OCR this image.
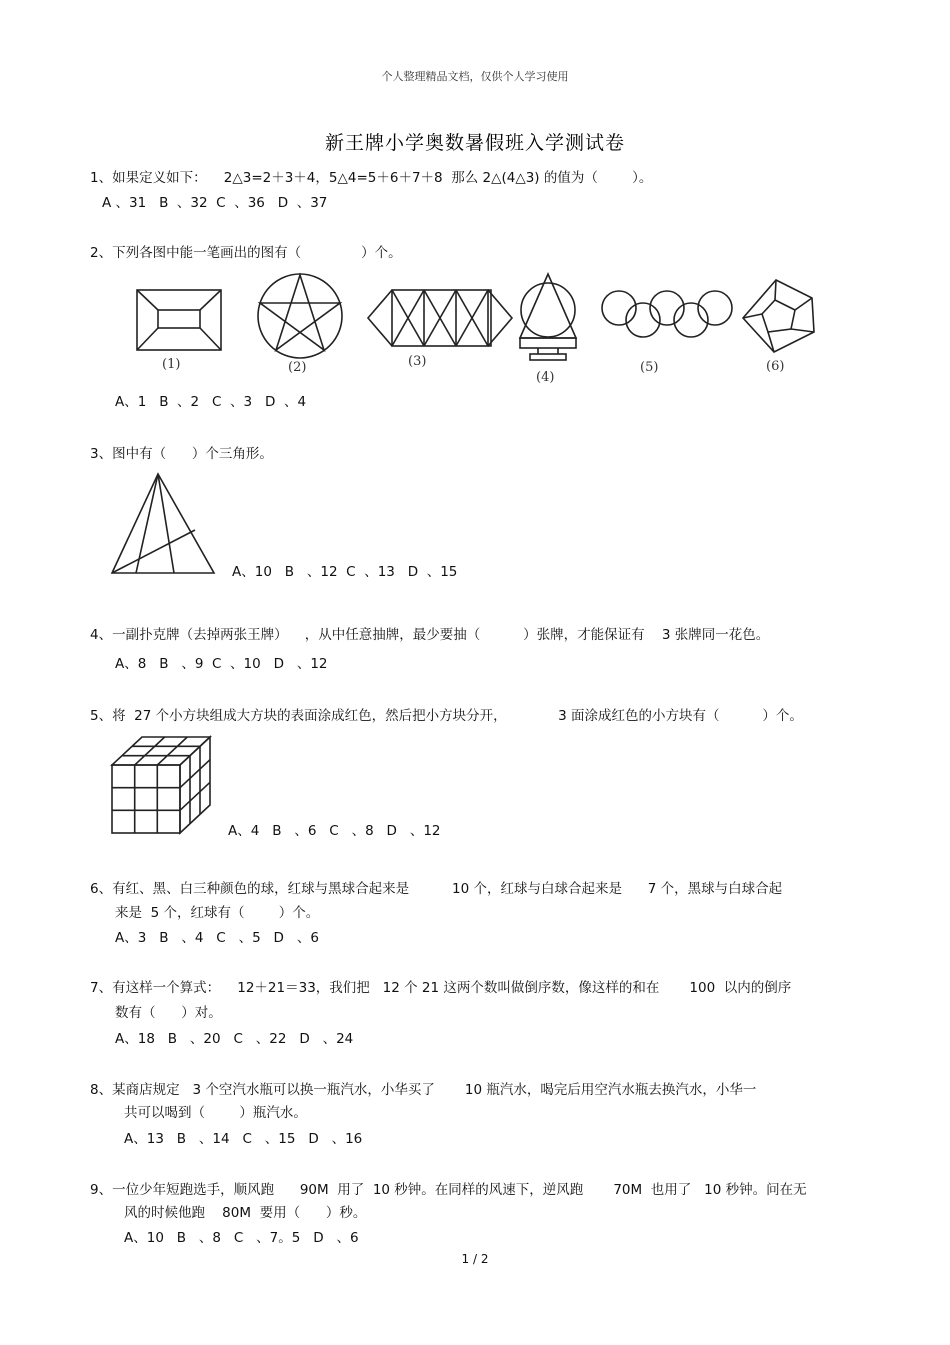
个人整理精品文档，仅供个人学习使用
新王牌小学奥数暑假班入学测试卷
1、如果定义如下：    2△3=2＋3＋4，5△4=5＋6＋7＋8  那么 2△(4△3) 的值为（        ）。
A 、31   B  、32  C  、36   D  、37
2、下列各图中能一笔画出的图有（              ）个。
(1)	(2)	(3)
(4)
(5)	(6)
A、1   B  、2   C  、3   D  、4
3、图中有（      ）个三角形。
A、10   B   、12  C  、13   D  、15
4、一副扑克牌（去掉两张王牌）    ，从中任意抽牌，最少要抽（          ）张牌，才能保证有    3 张牌同一花色。
A、8   B   、9  C  、10   D   、12
5、将  27 个小方块组成大方块的表面涂成红色，然后把小方块分开，            3 面涂成红色的小方块有（          ）个。
A、4   B   、6   C   、8   D   、12
6、有红、黑、白三种颜色的球，红球与黑球合起来是          10 个，红球与白球合起来是      7 个，黑球与白球合起
来是  5 个，红球有（        ）个。
A、3   B   、4   C   、5   D   、6
7、有这样一个算式：    12＋21＝33，我们把   12 个 21 这两个数叫做倒序数，像这样的和在       100  以内的倒序
数有（      ）对。
A、18   B   、20   C   、22   D   、24
8、某商店规定   3 个空汽水瓶可以换一瓶汽水，小华买了       10 瓶汽水，喝完后用空汽水瓶去换汽水，小华一
共可以喝到（        ）瓶汽水。
A、13   B   、14   C   、15   D   、16
9、一位少年短跑选手，顺风跑      90M  用了  10 秒钟。在同样的风速下，逆风跑       70M  也用了   10 秒钟。问在无
风的时候他跑    80M  要用（      ）秒。
A、10   B   、8   C   、7。5   D   、6
1 / 2
